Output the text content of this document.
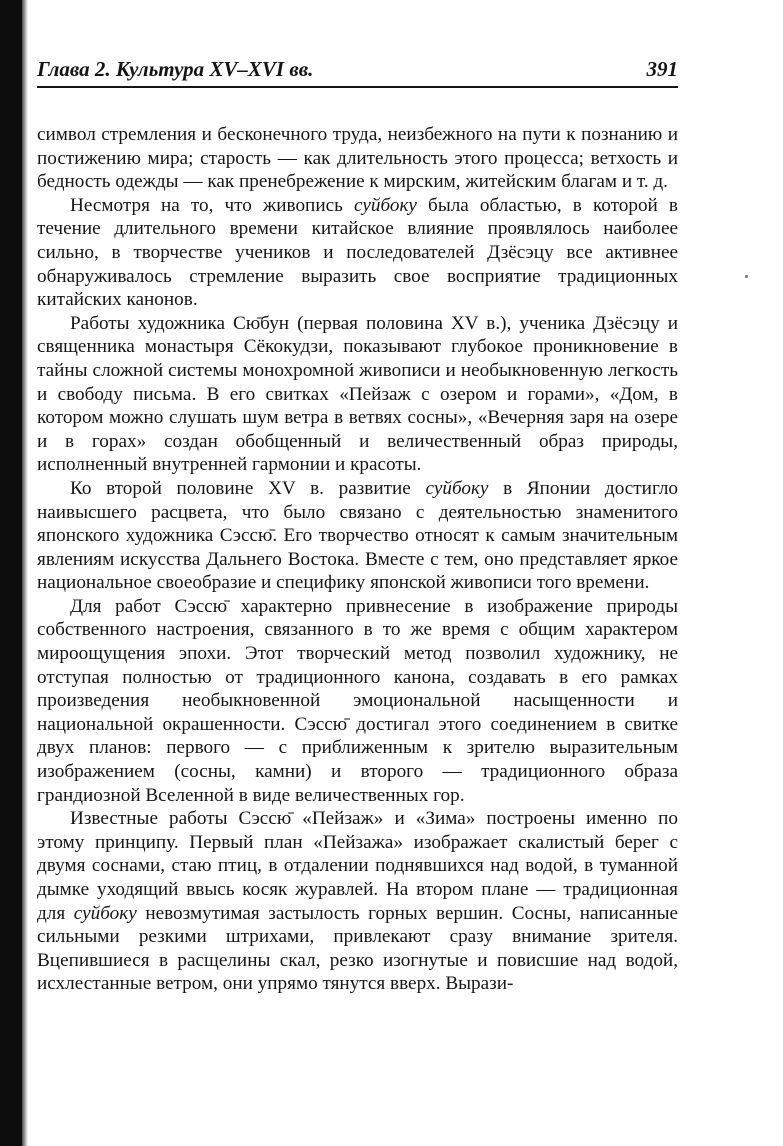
Глава 2. Культура XV–XVI вв.	391

символ стремления и бесконечного труда, неизбежного на пути к познанию и постижению мира; старость — как длительность этого процесса; ветхость и бедность одежды — как пренебрежение к мирским, житейским благам и т. д.

Несмотря на то, что живопись суйбоку была областью, в которой в течение длительного времени китайское влияние проявлялось наиболее сильно, в творчестве учеников и последователей Дзёсэцу все активнее обнаруживалось стремление выразить свое восприятие традиционных китайских канонов.

Работы художника Сю̄бун (первая половина XV в.), ученика Дзёсэцу и священника монастыря Сёкокудзи, показывают глубокое проникновение в тайны сложной системы монохромной живописи и необыкновенную легкость и свободу письма. В его свитках «Пейзаж с озером и горами», «Дом, в котором можно слушать шум ветра в ветвях сосны», «Вечерняя заря на озере и в горах» создан обобщенный и величественный образ природы, исполненный внутренней гармонии и красоты.

Ко второй половине XV в. развитие суйбоку в Японии достигло наивысшего расцвета, что было связано с деятельностью знаменитого японского художника Сэссю̄. Его творчество относят к самым значительным явлениям искусства Дальнего Востока. Вместе с тем, оно представляет яркое национальное своеобразие и специфику японской живописи того времени.

Для работ Сэссю̄ характерно привнесение в изображение природы собственного настроения, связанного в то же время с общим характером мироощущения эпохи. Этот творческий метод позволил художнику, не отступая полностью от традиционного канона, создавать в его рамках произведения необыкновенной эмоциональной насыщенности и национальной окрашенности. Сэссю̄ достигал этого соединением в свитке двух планов: первого — с приближенным к зрителю выразительным изображением (сосны, камни) и второго — традиционного образа грандиозной Вселенной в виде величественных гор.

Известные работы Сэссю̄ «Пейзаж» и «Зима» построены именно по этому принципу. Первый план «Пейзажа» изображает скалистый берег с двумя соснами, стаю птиц, в отдалении поднявшихся над водой, в туманной дымке уходящий ввысь косяк журавлей. На втором плане — традиционная для суйбоку невозмутимая застылость горных вершин. Сосны, написанные сильными резкими штрихами, привлекают сразу внимание зрителя. Вцепившиеся в расщелины скал, резко изогнутые и повисшие над водой, исхлестанные ветром, они упрямо тянутся вверх. Вырази-
